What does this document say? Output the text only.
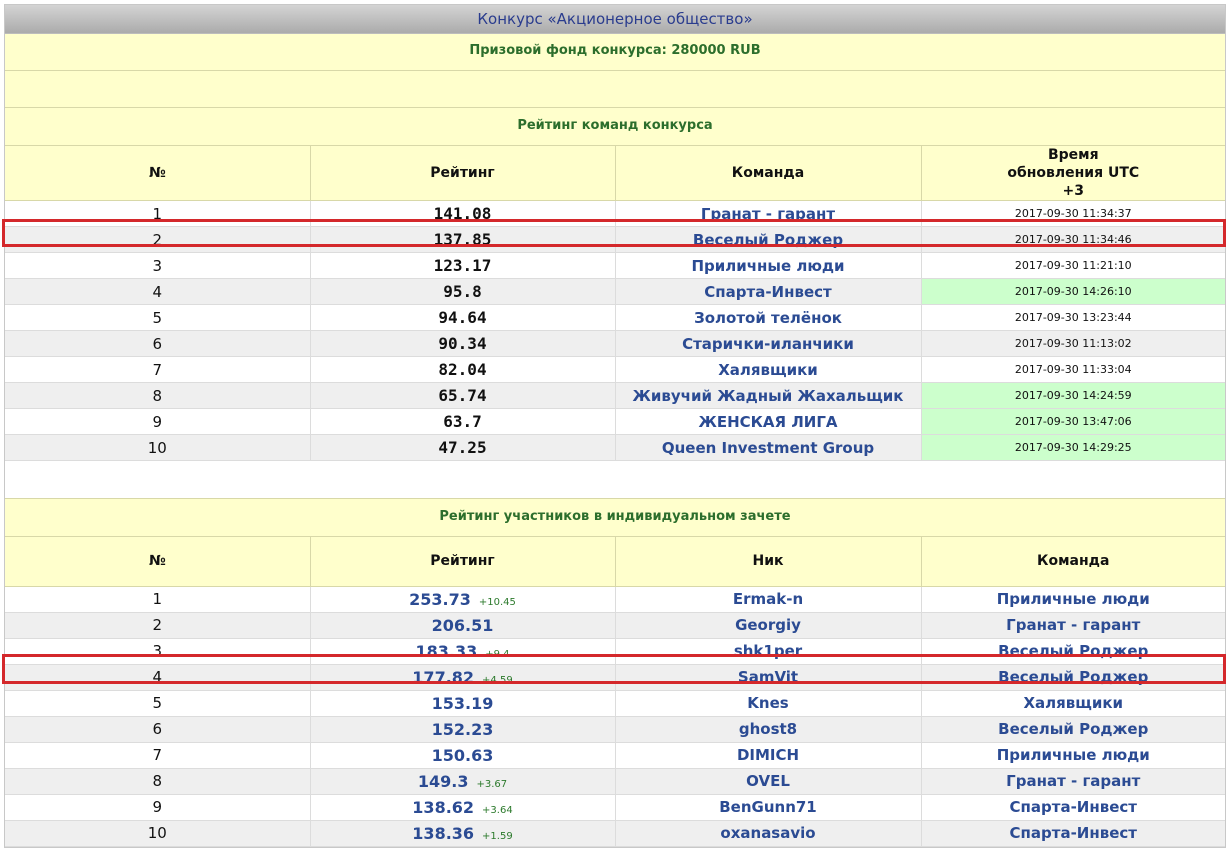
Конкурс «Акционерное общество»
Призовой фонд конкурса: 280000 RUB
Рейтинг команд конкурса
№	Рейтинг	Команда	Время обновления UTC +3
1	141.08	Гранат - гарант	2017-09-30 11:34:37
2	137.85	Веселый Роджер	2017-09-30 11:34:46
3	123.17	Приличные люди	2017-09-30 11:21:10
4	95.8	Спарта-Инвест	2017-09-30 14:26:10
5	94.64	Золотой телёнок	2017-09-30 13:23:44
6	90.34	Старички-иланчики	2017-09-30 11:13:02
7	82.04	Халявщики	2017-09-30 11:33:04
8	65.74	Живучий Жадный Жахальщик	2017-09-30 14:24:59
9	63.7	ЖЕНСКАЯ ЛИГА	2017-09-30 13:47:06
10	47.25	Queen Investment Group	2017-09-30 14:29:25
Рейтинг участников в индивидуальном зачете
№	Рейтинг	Ник	Команда
1	253.73 +10.45	Ermak-n	Приличные люди
2	206.51	Georgiy	Гранат - гарант
3	183.33 +9.4	shk1per	Веселый Роджер
4	177.82 +4.59	SamVit	Веселый Роджер
5	153.19	Knes	Халявщики
6	152.23	ghost8	Веселый Роджер
7	150.63	DIMICH	Приличные люди
8	149.3 +3.67	OVEL	Гранат - гарант
9	138.62 +3.64	BenGunn71	Спарта-Инвест
10	138.36 +1.59	oxanasavio	Спарта-Инвест
